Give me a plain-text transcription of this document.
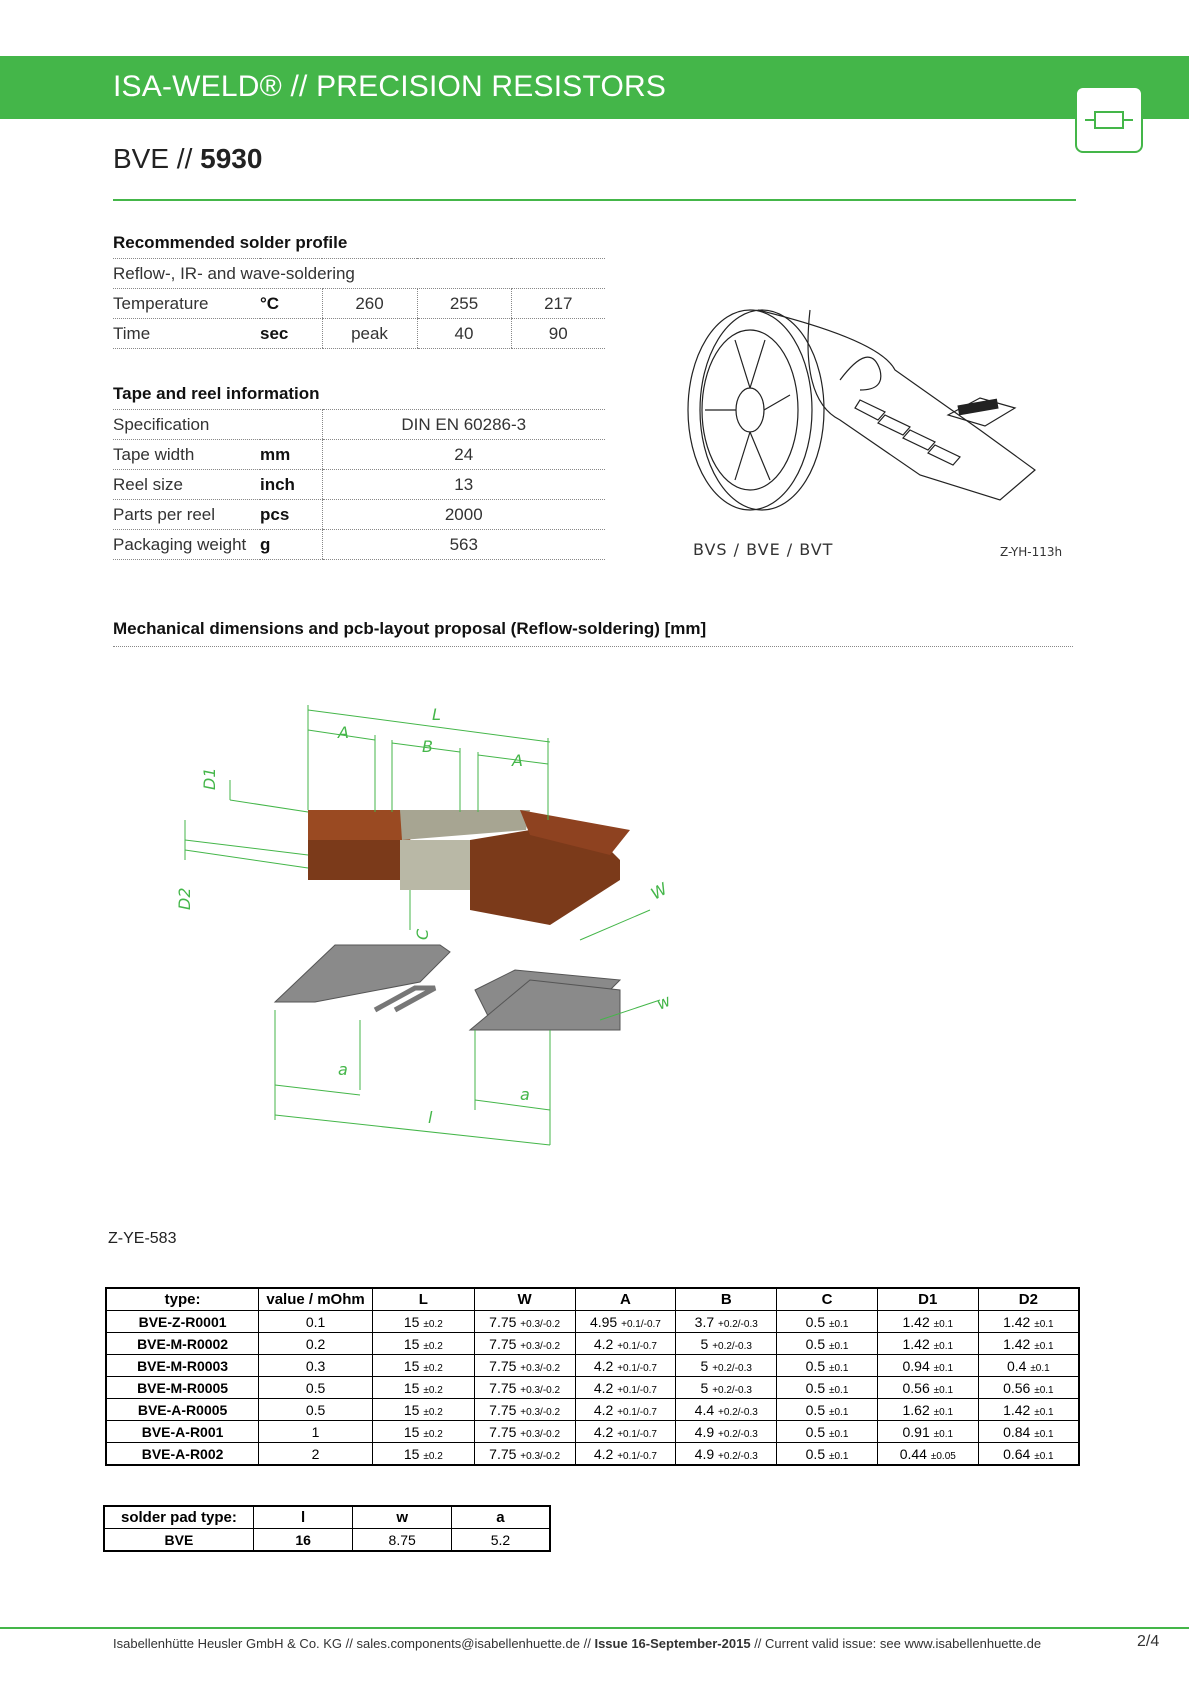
ISA-WELD® // PRECISION RESISTORS
BVE // 5930
Recommended solder profile
Reflow-, IR- and wave-soldering				
Temperature	°C	260	255	217
Time	sec	peak	40	90
Tape and reel information
Specification		DIN EN 60286-3
Tape width	mm	24
Reel size	inch	13
Parts per reel	pcs	2000
Packaging weight	g	563	BVS / BVE / BVT	Z-YH-113h
Mechanical dimensions and pcb-layout proposal (Reflow-soldering) [mm]
L
A
B
A
D1
D2
C
W
w
a
a
l
Z-YE-583
type:	value / mOhm	L	W	A	B	C	D1	D2
BVE-Z-R0001	0.1	15 ±0.2	7.75 +0.3/-0.2	4.95 +0.1/-0.7	3.7 +0.2/-0.3	0.5 ±0.1	1.42 ±0.1	1.42 ±0.1
BVE-M-R0002	0.2	15 ±0.2	7.75 +0.3/-0.2	4.2 +0.1/-0.7	5 +0.2/-0.3	0.5 ±0.1	1.42 ±0.1	1.42 ±0.1
BVE-M-R0003	0.3	15 ±0.2	7.75 +0.3/-0.2	4.2 +0.1/-0.7	5 +0.2/-0.3	0.5 ±0.1	0.94 ±0.1	0.4 ±0.1
BVE-M-R0005	0.5	15 ±0.2	7.75 +0.3/-0.2	4.2 +0.1/-0.7	5 +0.2/-0.3	0.5 ±0.1	0.56 ±0.1	0.56 ±0.1
BVE-A-R0005	0.5	15 ±0.2	7.75 +0.3/-0.2	4.2 +0.1/-0.7	4.4 +0.2/-0.3	0.5 ±0.1	1.62 ±0.1	1.42 ±0.1
BVE-A-R001	1	15 ±0.2	7.75 +0.3/-0.2	4.2 +0.1/-0.7	4.9 +0.2/-0.3	0.5 ±0.1	0.91 ±0.1	0.84 ±0.1
BVE-A-R002	2	15 ±0.2	7.75 +0.3/-0.2	4.2 +0.1/-0.7	4.9 +0.2/-0.3	0.5 ±0.1	0.44 ±0.05	0.64 ±0.1
solder pad type:	l	w	a
BVE	16	8.75	5.2
Isabellenhütte Heusler GmbH & Co. KG // sales.components@isabellenhuette.de // Issue 16-September-2015 // Current valid issue: see www.isabellenhuette.de	2/4
